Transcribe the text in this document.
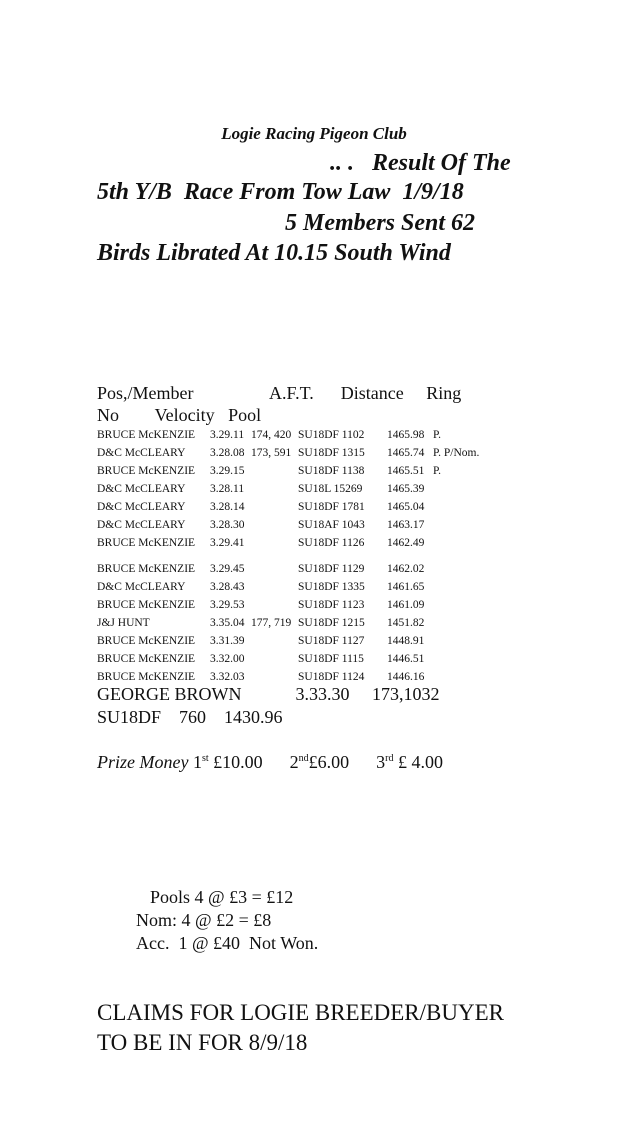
Logie Racing Pigeon Club
.. .   Result Of The
5th Y/B  Race From Tow Law  1/9/18
5 Members Sent 62
Birds Librated At 10.15 South Wind
Pos,/Member                 A.F.T.      Distance     Ring
No        Velocity   Pool
BRUCE McKENZIE 3.29.11 174, 420 SU18DF 1102 1465.98 P.
D&C McCLEARY 3.28.08 173, 591 SU18DF 1315 1465.74 P. P/Nom.
BRUCE McKENZIE 3.29.15	SU18DF 1138 1465.51 P.
D&C McCLEARY 3.28.11	SU18L 15269 1465.39
D&C McCLEARY 3.28.14	SU18DF 1781 1465.04
D&C McCLEARY 3.28.30	SU18AF 1043 1463.17
BRUCE McKENZIE 3.29.41	SU18DF 1126 1462.49
BRUCE McKENZIE 3.29.45	SU18DF 1129 1462.02
D&C McCLEARY 3.28.43	SU18DF 1335 1461.65
BRUCE McKENZIE 3.29.53	SU18DF 1123 1461.09
J&J HUNT	3.35.04 177, 719 SU18DF 1215 1451.82
BRUCE McKENZIE 3.31.39	SU18DF 1127 1448.91
BRUCE McKENZIE 3.32.00	SU18DF 1115 1446.51
BRUCE McKENZIE 3.32.03	SU18DF 1124 1446.16
GEORGE BROWN            3.33.30     173,1032
SU18DF    760    1430.96
Prize Money 1st £10.00 2nd£6.00 3rd £ 4.00
Pools 4 @ £3 = £12
Nom: 4 @ £2 = £8
Acc.  1 @ £40  Not Won.
CLAIMS FOR LOGIE BREEDER/BUYER
TO BE IN FOR 8/9/18
